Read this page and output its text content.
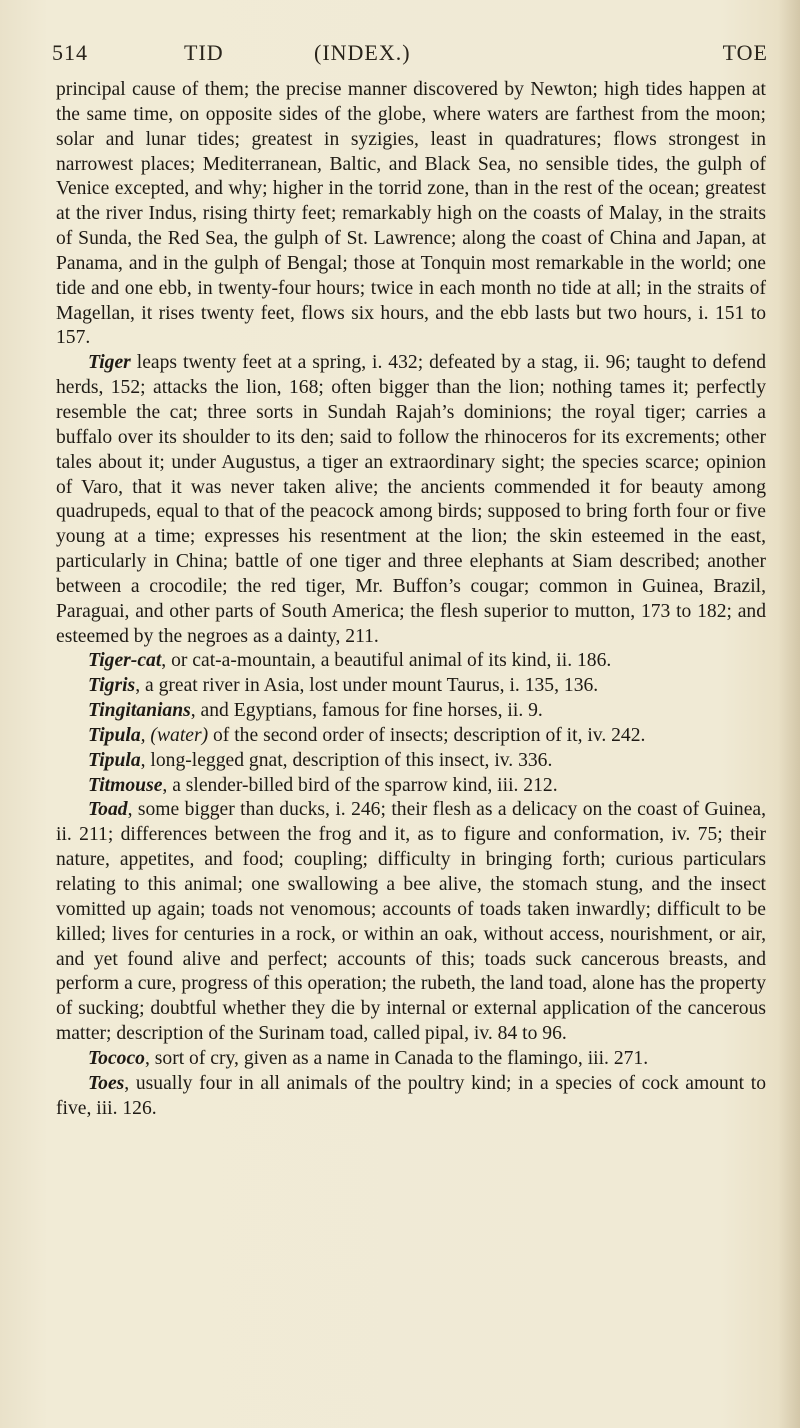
514	TID	(INDEX.)	TOE

principal cause of them; the precise manner discovered by Newton; high tides happen at the same time, on opposite sides of the globe, where waters are farthest from the moon; solar and lunar tides; greatest in syzigies, least in quadratures; flows strongest in narrowest places; Mediterranean, Baltic, and Black Sea, no sensible tides, the gulph of Venice excepted, and why; higher in the torrid zone, than in the rest of the ocean; greatest at the river Indus, rising thirty feet; remarkably high on the coasts of Malay, in the straits of Sunda, the Red Sea, the gulph of St. Lawrence; along the coast of China and Japan, at Panama, and in the gulph of Bengal; those at Tonquin most remarkable in the world; one tide and one ebb, in twenty-four hours; twice in each month no tide at all; in the straits of Magellan, it rises twenty feet, flows six hours, and the ebb lasts but two hours, i. 151 to 157.

Tiger leaps twenty feet at a spring, i. 432; defeated by a stag, ii. 96; taught to defend herds, 152; attacks the lion, 168; often bigger than the lion; nothing tames it; perfectly resemble the cat; three sorts in Sundah Rajah’s dominions; the royal tiger; carries a buffalo over its shoulder to its den; said to follow the rhinoceros for its excrements; other tales about it; under Augustus, a tiger an extraordinary sight; the species scarce; opinion of Varo, that it was never taken alive; the ancients commended it for beauty among quadrupeds, equal to that of the peacock among birds; supposed to bring forth four or five young at a time; expresses his resentment at the lion; the skin esteemed in the east, particularly in China; battle of one tiger and three elephants at Siam described; another between a crocodile; the red tiger, Mr. Buffon’s cougar; common in Guinea, Brazil, Paraguai, and other parts of South America; the flesh superior to mutton, 173 to 182; and esteemed by the negroes as a dainty, 211.

Tiger-cat, or cat-a-mountain, a beautiful animal of its kind, ii. 186.

Tigris, a great river in Asia, lost under mount Taurus, i. 135, 136.

Tingitanians, and Egyptians, famous for fine horses, ii. 9.

Tipula, (water) of the second order of insects; description of it, iv. 242.

Tipula, long-legged gnat, description of this insect, iv. 336.

Titmouse, a slender-billed bird of the sparrow kind, iii. 212.

Toad, some bigger than ducks, i. 246; their flesh as a delicacy on the coast of Guinea, ii. 211; differences between the frog and it, as to figure and conformation, iv. 75; their nature, appetites, and food; coupling; difficulty in bringing forth; curious particulars relating to this animal; one swallowing a bee alive, the stomach stung, and the insect vomitted up again; toads not venomous; accounts of toads taken inwardly; difficult to be killed; lives for centuries in a rock, or within an oak, without access, nourishment, or air, and yet found alive and perfect; accounts of this; toads suck cancerous breasts, and perform a cure, progress of this operation; the rubeth, the land toad, alone has the property of sucking; doubtful whether they die by internal or external application of the cancerous matter; description of the Surinam toad, called pipal, iv. 84 to 96.

Tococo, sort of cry, given as a name in Canada to the flamingo, iii. 271.

Toes, usually four in all animals of the poultry kind; in a species of cock amount to five, iii. 126.
